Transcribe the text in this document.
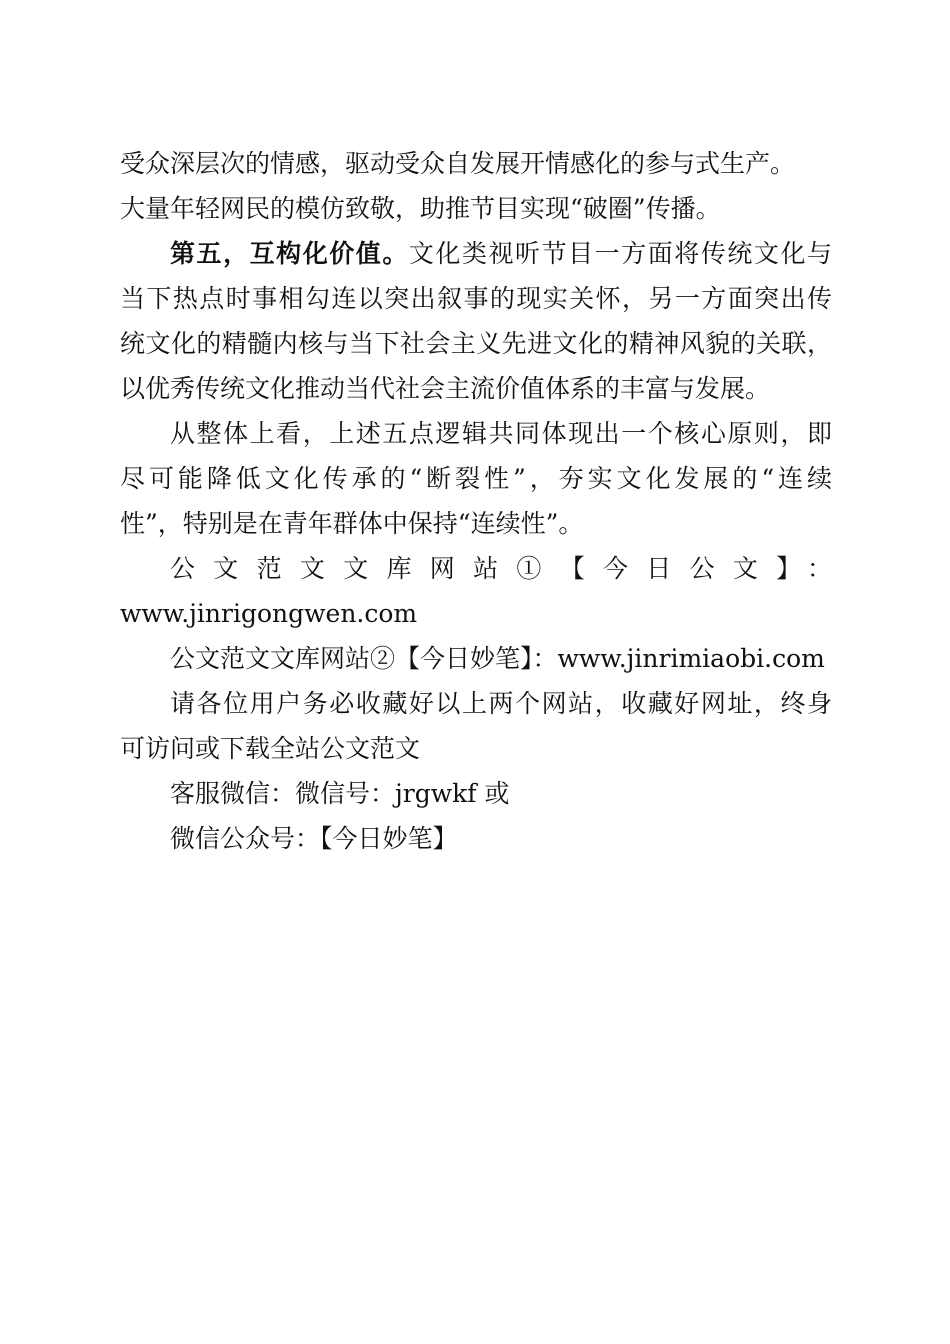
受众深层次的情感，驱动受众自发展开情感化的参与式生产。
大量年轻网民的模仿致敬，助推节目实现“破圈”传播。
第五，互构化价值。文化类视听节目一方面将传统文化与
当下热点时事相勾连以突出叙事的现实关怀，另一方面突出传
统文化的精髓内核与当下社会主义先进文化的精神风貌的关联，
以优秀传统文化推动当代社会主流价值体系的丰富与发展。
从整体上看，上述五点逻辑共同体现出一个核心原则，即
尽可能降低文化传承的“断裂性”，夯实文化发展的“连续
性”，特别是在青年群体中保持“连续性”。
公文范文文库网站①【今日公文】：
www.jinrigongwen.com
公文范文文库网站②【今日妙笔】：www.jinrimiaobi.com
请各位用户务必收藏好以上两个网站，收藏好网址，终身
可访问或下载全站公文范文
客服微信：微信号：jrgwkf 或
微信公众号：【今日妙笔】
